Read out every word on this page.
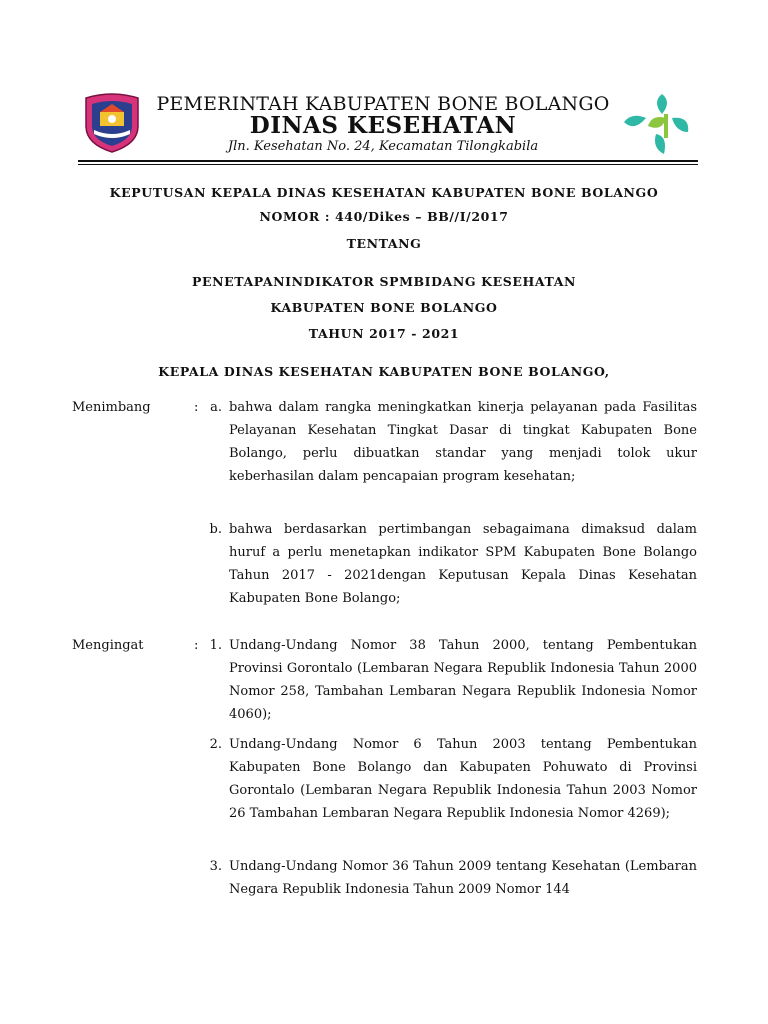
PEMERINTAH KABUPATEN BONE BOLANGO
DINAS KESEHATAN
Jln. Kesehatan No. 24, Kecamatan Tilongkabila
KEPUTUSAN KEPALA DINAS KESEHATAN KABUPATEN BONE BOLANGO
NOMOR : 440/Dikes – BB//I/2017
TENTANG
PENETAPANINDIKATOR SPMBIDANG KESEHATAN
KABUPATEN BONE BOLANGO
TAHUN 2017 - 2021
KEPALA DINAS KESEHATAN KABUPATEN BONE BOLANGO,
Menimbang	: a. bahwa dalam rangka meningkatkan kinerja pelayanan pada Fasilitas Pelayanan Kesehatan Tingkat Dasar di tingkat Kabupaten Bone Bolango, perlu dibuatkan standar yang menjadi tolok ukur keberhasilan dalam pencapaian program kesehatan;
b. bahwa berdasarkan pertimbangan sebagaimana dimaksud dalam huruf a perlu menetapkan indikator SPM Kabupaten Bone Bolango Tahun 2017 - 2021dengan Keputusan Kepala Dinas Kesehatan Kabupaten Bone Bolango;
Mengingat	: 1. Undang-Undang Nomor 38 Tahun 2000, tentang Pembentukan Provinsi Gorontalo (Lembaran Negara Republik Indonesia Tahun 2000 Nomor 258, Tambahan Lembaran Negara Republik Indonesia Nomor 4060);
2. Undang-Undang Nomor 6 Tahun 2003 tentang Pembentukan Kabupaten Bone Bolango dan Kabupaten Pohuwato di Provinsi Gorontalo (Lembaran Negara Republik Indonesia Tahun 2003 Nomor 26 Tambahan Lembaran Negara Republik Indonesia Nomor 4269);
3. Undang-Undang Nomor 36 Tahun 2009 tentang Kesehatan (Lembaran Negara Republik Indonesia Tahun 2009 Nomor 144
